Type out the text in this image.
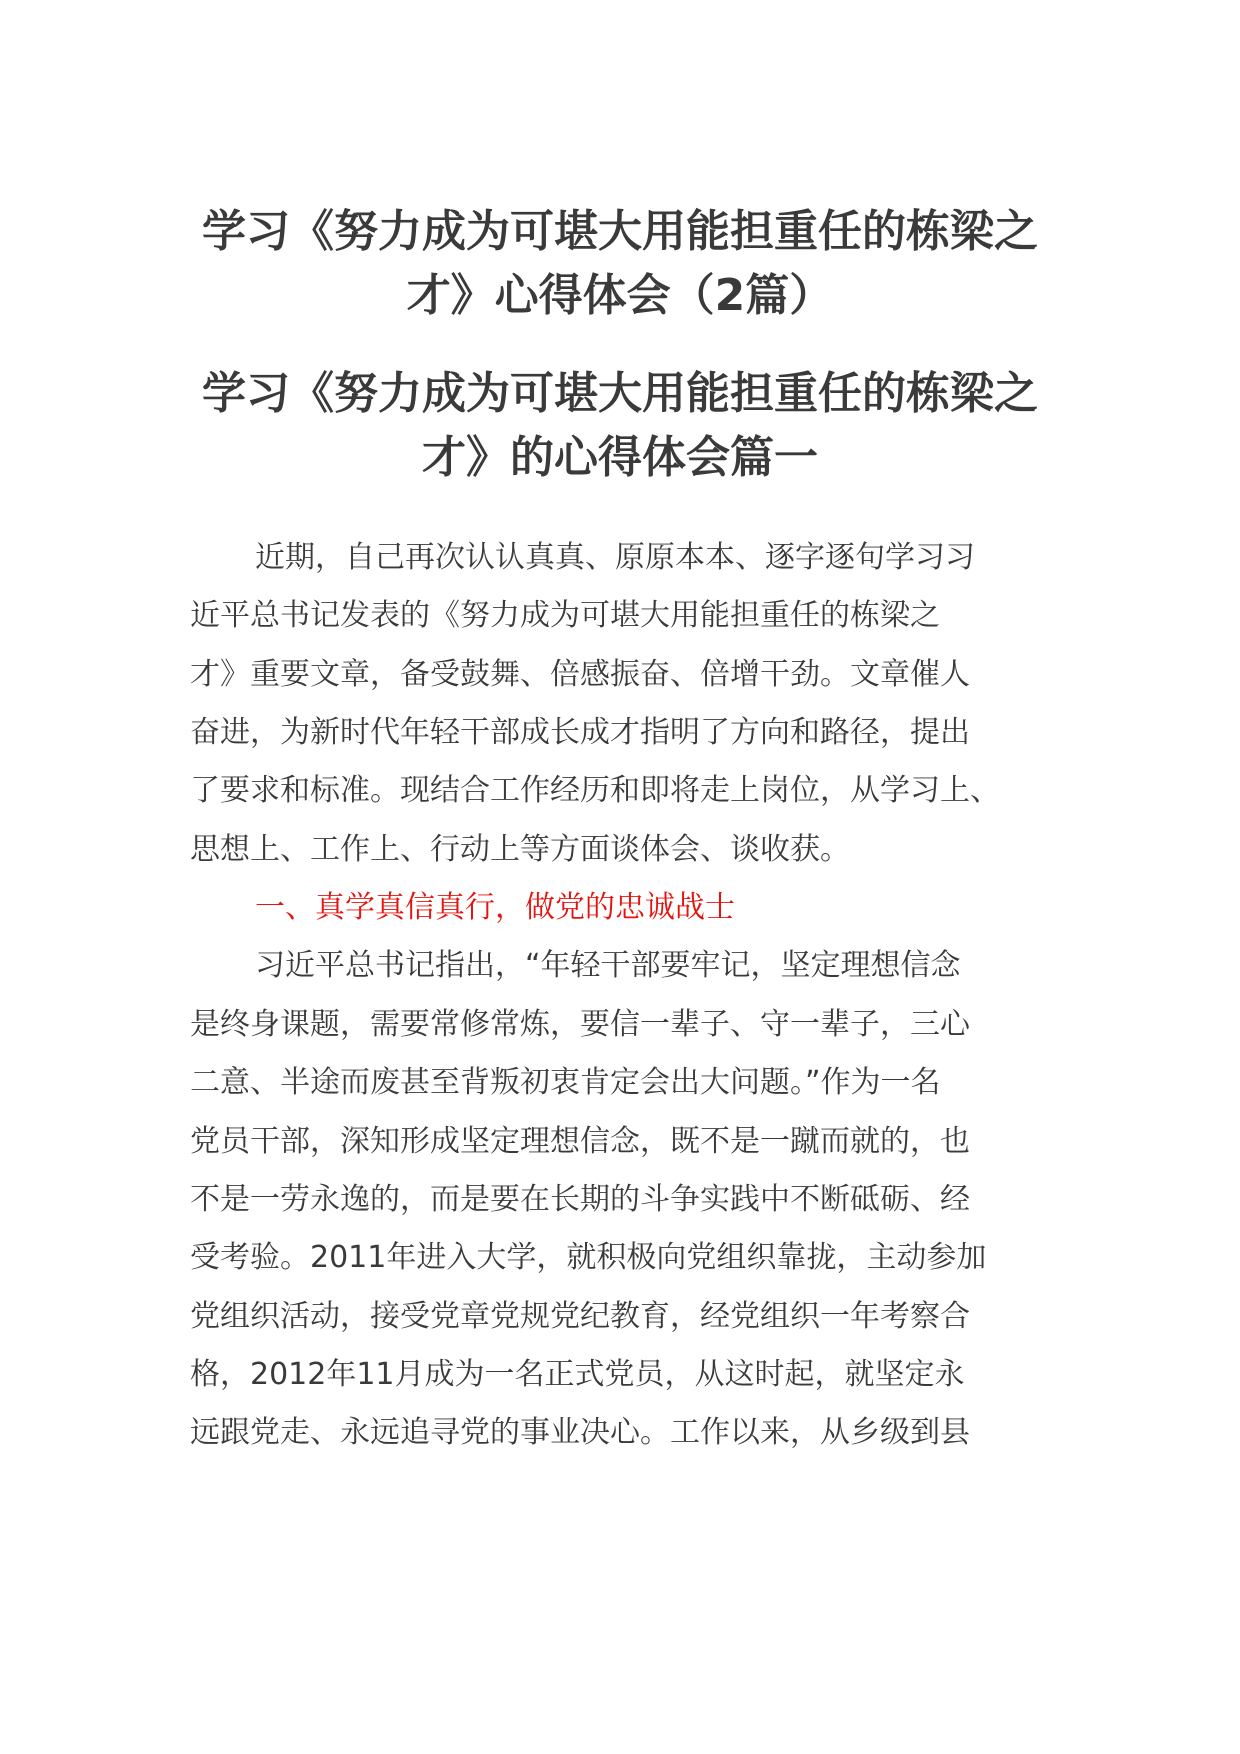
学习《努力成为可堪大用能担重任的栋梁之才》心得体会（2篇）
学习《努力成为可堪大用能担重任的栋梁之才》的心得体会篇一

近期，自己再次认认真真、原原本本、逐字逐句学习习

近平总书记发表的《努力成为可堪大用能担重任的栋梁之

才》重要文章，备受鼓舞、倍感振奋、倍增干劲。文章催人

奋进，为新时代年轻干部成长成才指明了方向和路径，提出

了要求和标准。现结合工作经历和即将走上岗位，从学习上、

思想上、工作上、行动上等方面谈体会、谈收获。

一、真学真信真行，做党的忠诚战士

习近平总书记指出，“年轻干部要牢记，坚定理想信念

是终身课题，需要常修常炼，要信一辈子、守一辈子，三心

二意、半途而废甚至背叛初衷肯定会出大问题。”作为一名

党员干部，深知形成坚定理想信念，既不是一蹴而就的，也

不是一劳永逸的，而是要在长期的斗争实践中不断砥砺、经

受考验。2011年进入大学，就积极向党组织靠拢，主动参加

党组织活动，接受党章党规党纪教育，经党组织一年考察合

格，2012年11月成为一名正式党员，从这时起，就坚定永

远跟党走、永远追寻党的事业决心。工作以来，从乡级到县
